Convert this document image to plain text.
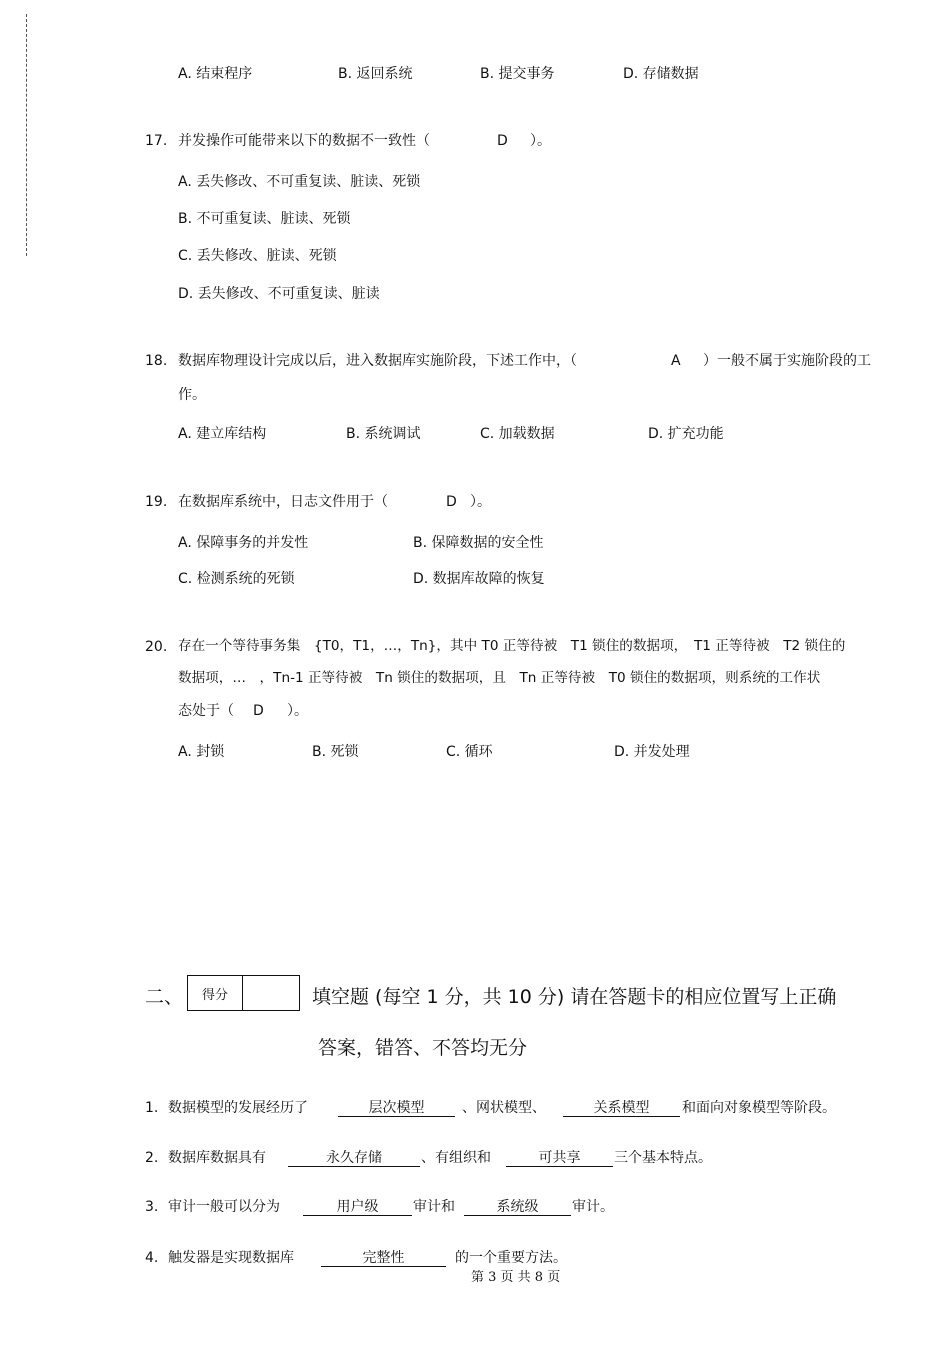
A. 结束程序	B. 返回系统	B. 提交事务	D. 存储数据
17. 并发操作可能带来以下的数据不一致性（	D ）。
A. 丢失修改、不可重复读、脏读、死锁
B. 不可重复读、脏读、死锁
C. 丢失修改、脏读、死锁
D. 丢失修改、不可重复读、脏读
18. 数据库物理设计完成以后，进入数据库实施阶段，下述工作中，（	A ）一般不属于实施阶段的工
作。
A. 建立库结构	B. 系统调试	C. 加载数据	D. 扩充功能
19. 在数据库系统中，日志文件用于（	D ）。
A. 保障事务的并发性	B. 保障数据的安全性
C. 检测系统的死锁	D. 数据库故障的恢复
20. 存在一个等待事务集　{T0，T1，…，Tn}，其中 T0 正等待被　T1 锁住的数据项，　T1 正等待被　T2 锁住的
数据项，…　，Tn-1 正等待被　Tn 锁住的数据项，且　Tn 正等待被　T0 锁住的数据项，则系统的工作状
态处于（ D ）。
A. 封锁	B. 死锁	C. 循环	D. 并发处理
二、	得分	填空题 (每空 1 分，共 10 分) 请在答题卡的相应位置写上正确
答案，错答、不答均无分
1. 数据模型的发展经历了	层次模型	、网状模型、	关系模型	和面向对象模型等阶段。
2. 数据库数据具有	永久存储	、有组织和	可共享	三个基本特点。
3. 审计一般可以分为	用户级	审计和	系统级	审计。
4. 触发器是实现数据库	完整性	的一个重要方法。
第 3 页 共 8 页
